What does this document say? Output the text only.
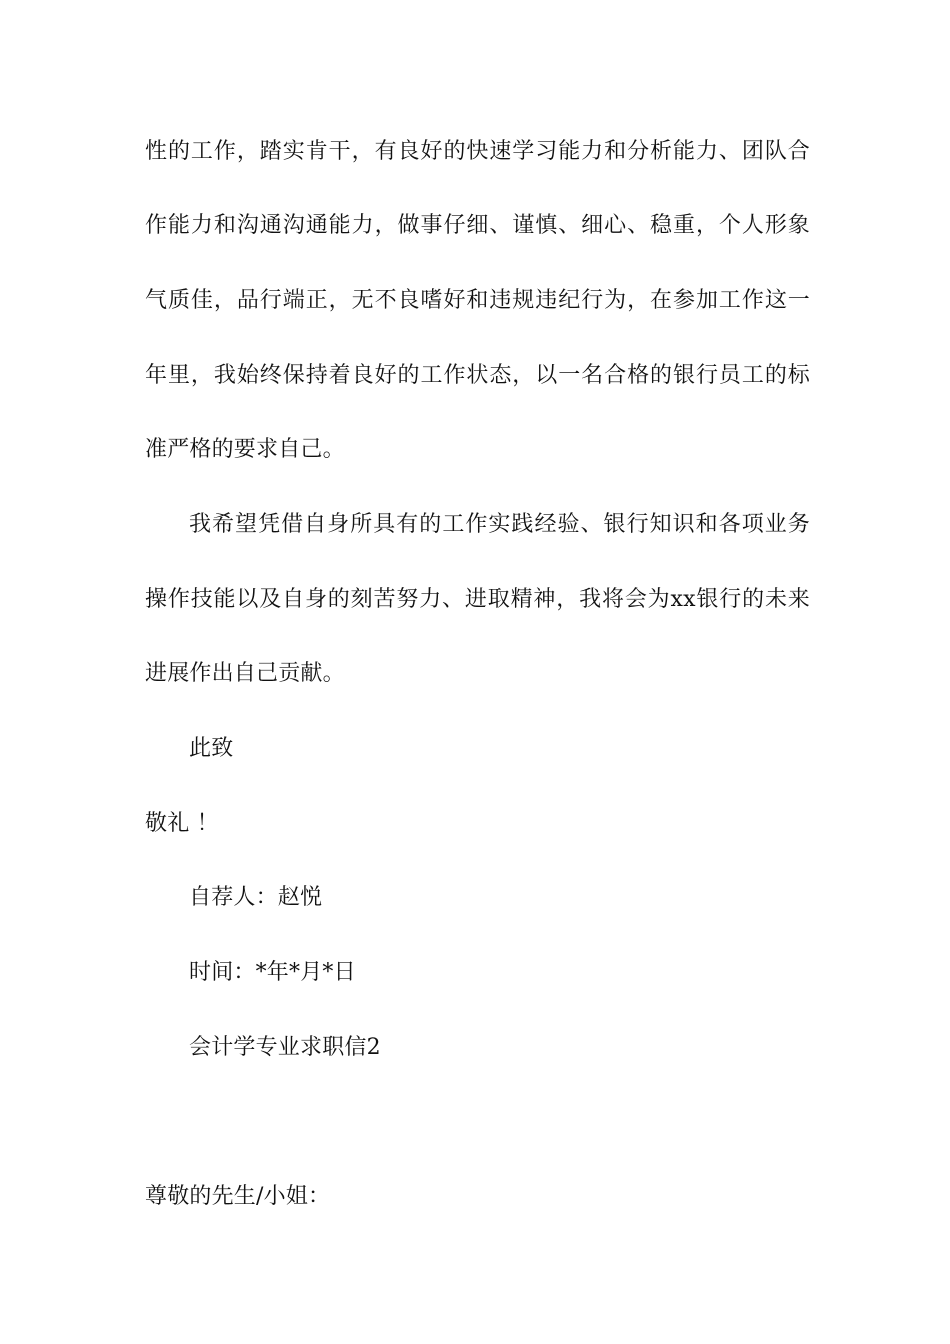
性的工作，踏实肯干，有良好的快速学习能力和分析能力、团队合
作能力和沟通沟通能力，做事仔细、谨慎、细心、稳重，个人形象
气质佳，品行端正，无不良嗜好和违规违纪行为，在参加工作这一
年里，我始终保持着良好的工作状态，以一名合格的银行员工的标
准严格的要求自己。
我希望凭借自身所具有的工作实践经验、银行知识和各项业务
操作技能以及自身的刻苦努力、进取精神，我将会为xx银行的未来
进展作出自己贡献。
此致
敬礼 ！
自荐人：赵悦
时间：*年*月*日
会计学专业求职信2
尊敬的先生/小姐：
